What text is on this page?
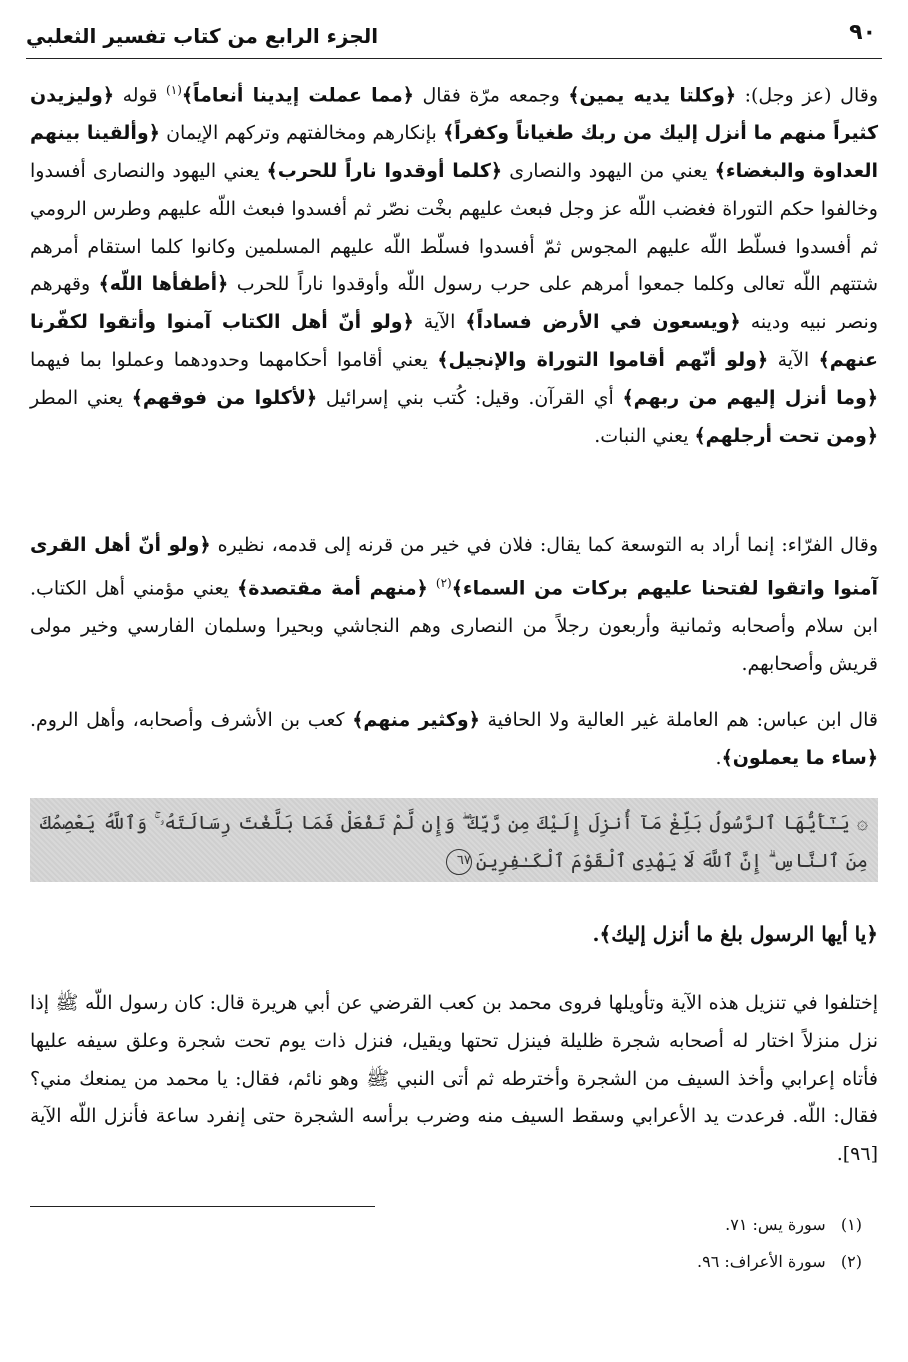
٩٠
الجزء الرابع من كتاب تفسير الثعلبي
وقال (عز وجل): ﴿وكلتا يديه يمين﴾ وجمعه مرّة فقال ﴿مما عملت إيدينا أنعاماً﴾$^{(١)}$ قوله ﴿وليزيدن كثيراً منهم ما أنزل إليك من ربك طغياناً وكفراً﴾ بإنكارهم ومخالفتهم وتركهم الإيمان ﴿وألقينا بينهم العداوة والبغضاء﴾ يعني من اليهود والنصارى ﴿كلما أوقدوا ناراً للحرب﴾ يعني اليهود والنصارى أفسدوا وخالفوا حكم التوراة فغضب اللّه عز وجل فبعث عليهم بخْت نصّر ثم أفسدوا فبعث اللّه عليهم وطرس الرومي ثم أفسدوا فسلّط اللّه عليهم المجوس ثمّ أفسدوا فسلّط اللّه عليهم المسلمين وكانوا كلما استقام أمرهم شتتهم اللّه تعالى وكلما جمعوا أمرهم على حرب رسول اللّه وأوقدوا ناراً للحرب ﴿أطفأها اللّه﴾ وقهرهم ونصر نبيه ودينه ﴿ويسعون في الأرض فساداً﴾ الآية ﴿ولو أنّ أهل الكتاب آمنوا وأتقوا لكفّرنا عنهم﴾ الآية ﴿ولو أنّهم أقاموا التوراة والإنجيل﴾ يعني أقاموا أحكامهما وحدودهما وعملوا بما فيهما ﴿وما أنزل إليهم من ربهم﴾ أي القرآن. وقيل: كُتب بني إسرائيل ﴿لأكلوا من فوقهم﴾ يعني المطر ﴿ومن تحت أرجلهم﴾ يعني النبات.
وقال الفرّاء: إنما أراد به التوسعة كما يقال: فلان في خير من قرنه إلى قدمه، نظيره ﴿ولو أنّ أهل القرى آمنوا واتقوا لفتحنا عليهم بركات من السماء﴾$^{(٢)}$ ﴿منهم أمة مقتصدة﴾ يعني مؤمني أهل الكتاب. ابن سلام وأصحابه وثمانية وأربعون رجلاً من النصارى وهم النجاشي وبحيرا وسلمان الفارسي وخير مولى قريش وأصحابهم.
قال ابن عباس: هم العاملة غير العالية ولا الحافية ﴿وكثير منهم﴾ كعب بن الأشرف وأصحابه، وأهل الروم. ﴿ساء ما يعملون﴾.
۞ يَـٰٓأَيُّهَا ٱلرَّسُولُ بَلِّغْ مَآ أُنزِلَ إِلَيْكَ مِن رَّبِّكَ ۖ وَإِن لَّمْ تَفْعَلْ فَمَا بَلَّغْتَ رِسَالَتَهُۥ ۚ وَٱللَّهُ يَعْصِمُكَ مِنَ ٱلنَّاسِ ۗ إِنَّ ٱللَّهَ لَا يَهْدِى ٱلْقَوْمَ ٱلْكَـٰفِرِينَ٦٧
﴿يا أيها الرسول بلغ ما أنزل إليك﴾.
إختلفوا في تنزيل هذه الآية وتأويلها فروى محمد بن كعب القرضي عن أبي هريرة قال: كان رسول اللّه ﷺ إذا نزل منزلاً اختار له أصحابه شجرة ظليلة فينزل تحتها ويقيل، فنزل ذات يوم تحت شجرة وعلق سيفه عليها فأتاه إعرابي وأخذ السيف من الشجرة وأخترطه ثم أتى النبي ﷺ وهو نائم، فقال: يا محمد من يمنعك مني؟ فقال: اللّه. فرعدت يد الأعرابي وسقط السيف منه وضرب برأسه الشجرة حتى إنفرد ساعة فأنزل اللّه الآية [٩٦].
(١)   سورة يس: ٧١.
(٢)   سورة الأعراف: ٩٦.
